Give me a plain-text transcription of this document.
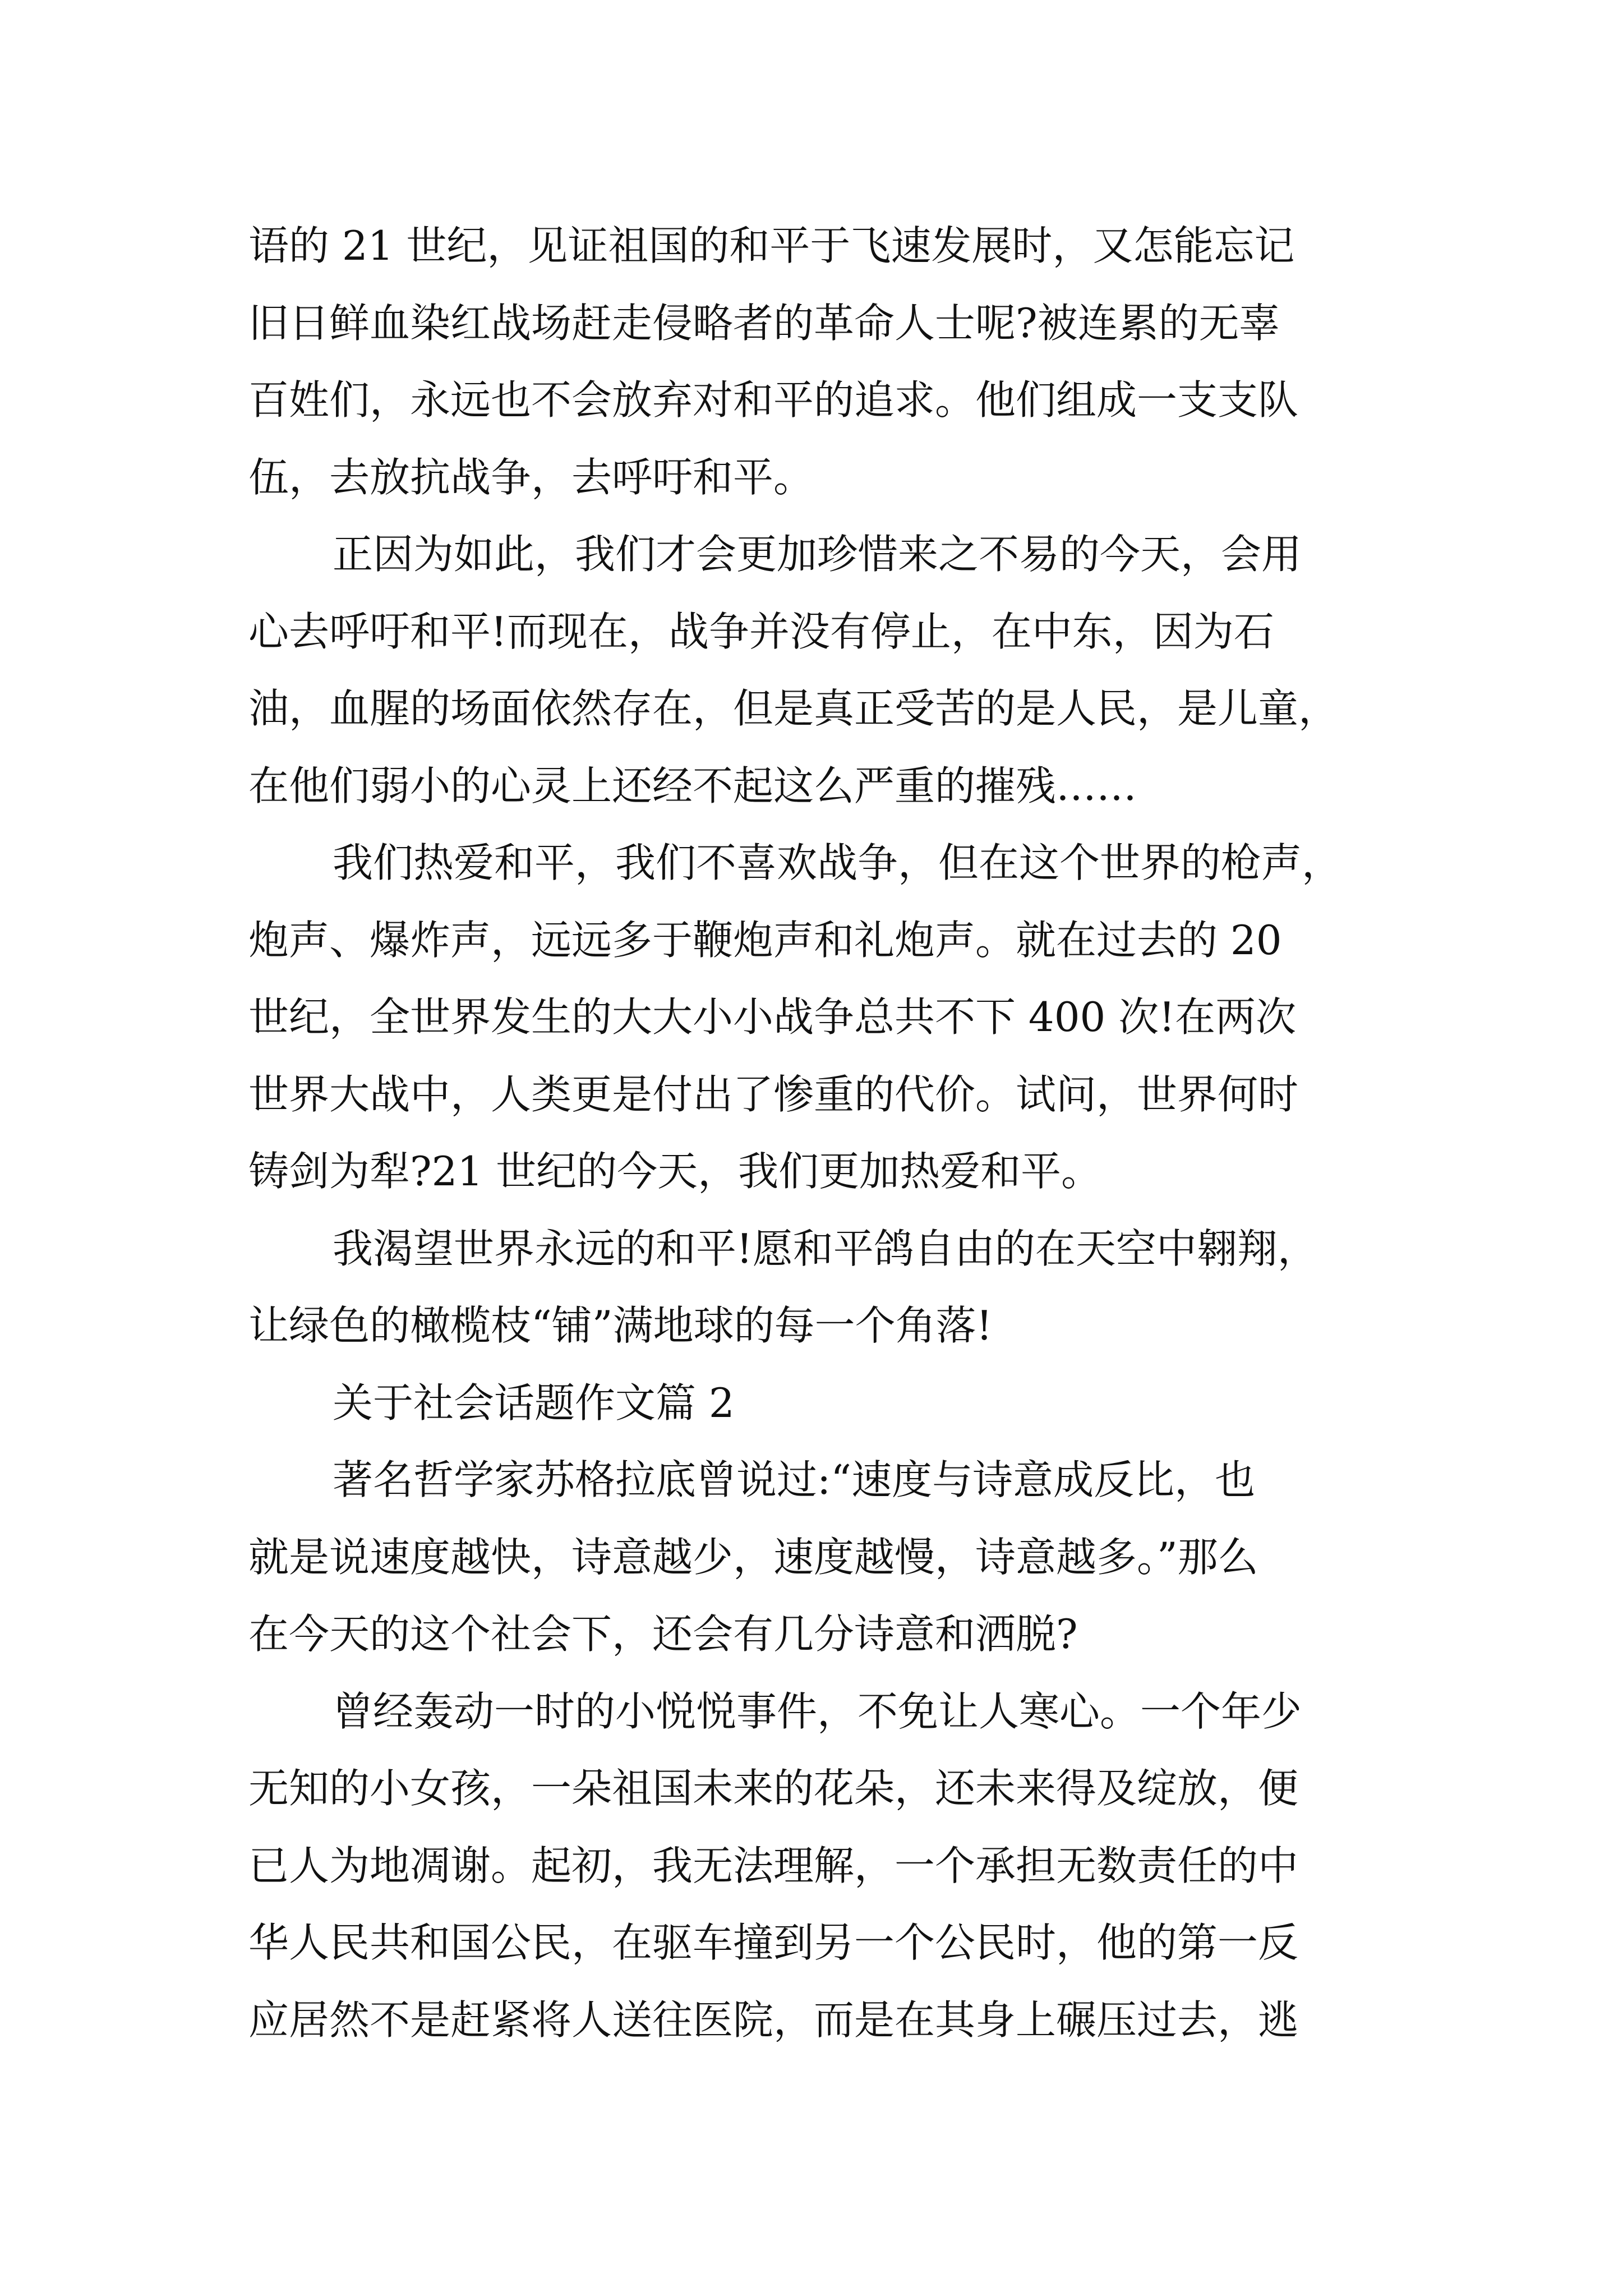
语的 21 世纪，见证祖国的和平于飞速发展时，又怎能忘记
旧日鲜血染红战场赶走侵略者的革命人士呢?被连累的无辜
百姓们，永远也不会放弃对和平的追求。他们组成一支支队
伍，去放抗战争，去呼吁和平。
正因为如此，我们才会更加珍惜来之不易的今天，会用
心去呼吁和平!而现在，战争并没有停止，在中东，因为石
油，血腥的场面依然存在，但是真正受苦的是人民，是儿童，
在他们弱小的心灵上还经不起这么严重的摧残……
我们热爱和平，我们不喜欢战争，但在这个世界的枪声，
炮声、爆炸声，远远多于鞭炮声和礼炮声。就在过去的 20
世纪，全世界发生的大大小小战争总共不下 400 次!在两次
世界大战中，人类更是付出了惨重的代价。试问，世界何时
铸剑为犁?21 世纪的今天，我们更加热爱和平。
我渴望世界永远的和平!愿和平鸽自由的在天空中翱翔，
让绿色的橄榄枝“铺”满地球的每一个角落!
关于社会话题作文篇 2
著名哲学家苏格拉底曾说过:“速度与诗意成反比，也
就是说速度越快，诗意越少，速度越慢，诗意越多。”那么
在今天的这个社会下，还会有几分诗意和洒脱?
曾经轰动一时的小悦悦事件，不免让人寒心。一个年少
无知的小女孩，一朵祖国未来的花朵，还未来得及绽放，便
已人为地凋谢。起初，我无法理解，一个承担无数责任的中
华人民共和国公民，在驱车撞到另一个公民时，他的第一反
应居然不是赶紧将人送往医院，而是在其身上碾压过去，逃
